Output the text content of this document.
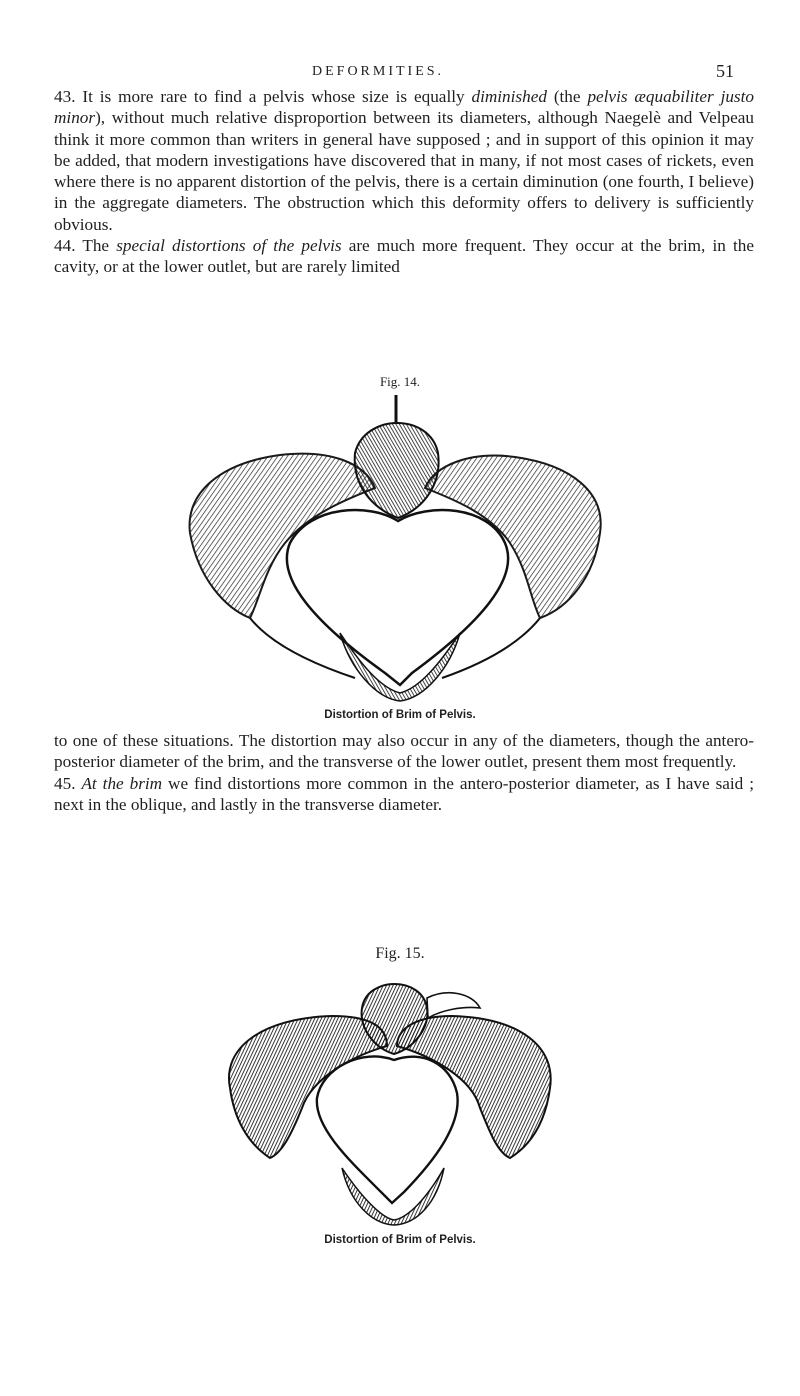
DEFORMITIES.	51

43. It is more rare to find a pelvis whose size is equally diminished (the pelvis æquabiliter justo minor), without much relative disproportion between its diameters, although Naegelè and Velpeau think it more common than writers in general have supposed ; and in support of this opinion it may be added, that modern investigations have discovered that in many, if not most cases of rickets, even where there is no apparent distortion of the pelvis, there is a certain diminution (one fourth, I believe) in the aggregate diameters. The obstruction which this deformity offers to delivery is sufficiently obvious.

44. The special distortions of the pelvis are much more frequent. They occur at the brim, in the cavity, or at the lower outlet, but are rarely limited

Fig. 14.
Distortion of Brim of Pelvis.

to one of these situations. The distortion may also occur in any of the diameters, though the antero-posterior diameter of the brim, and the transverse of the lower outlet, present them most frequently.

45. At the brim we find distortions more common in the antero-posterior diameter, as I have said ; next in the oblique, and lastly in the transverse diameter.

Fig. 15.
Distortion of Brim of Pelvis.
